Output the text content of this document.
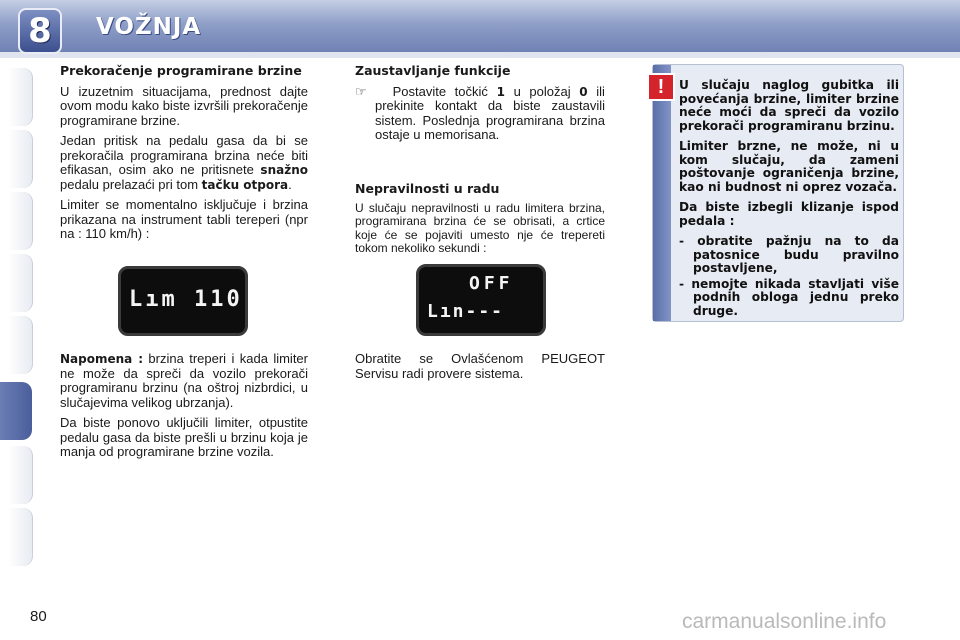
8	VOŽNJA

Prekoračenje programirane brzine

U izuzetnim situacijama, prednost dajte ovom modu kako biste izvršili prekoračenje programirane brzine.

Jedan pritisk na pedalu gasa da bi se prekoračila programirana brzina neće biti efikasan, osim ako ne pritisnete snažno pedalu prelazaći pri tom tačku otpora.

Limiter se momentalno isključuje i brzina prikazana na instrument tabli tereperi (npr na : 110 km/h) :

Lım 110

Napomena : brzina treperi i kada limiter ne može da spreči da vozilo prekorači programiranu brzinu (na oštroj nizbrdici, u slučajevima velikog ubrzanja).

Da biste ponovo uključili limiter, otpustite pedalu gasa da biste prešli u brzinu koja je manja od programirane brzine vozila.

Zaustavljanje funkcije

☞   Postavite točkić 1 u položaj 0 ili prekinite kontakt da biste zaustavili sistem. Poslednja programirana brzina ostaje u memorisana.

Nepravilnosti u radu

U slučaju nepravilnosti u radu limitera brzina, programirana brzina će se obrisati, a crtice koje će se pojaviti umesto nje će trepereti tokom nekoliko sekundi :

OFF
Lın---

Obratite se Ovlašćenom PEUGEOT Servisu radi provere sistema.

!	U slučaju naglog gubitka ili povećanja brzine, limiter brzine neće moći da spreči da vozilo prekorači programiranu brzinu.

Limiter brzne, ne može, ni u kom slučaju, da zameni poštovanje ograničenja brzine, kao ni budnost ni oprez vozača.

Da biste izbegli klizanje ispod pedala :

- obratite pažnju na to da patosnice budu pravilno postavljene,

- nemojte nikada stavljati više podnih obloga jednu preko druge.

80	carmanualsonline.info
